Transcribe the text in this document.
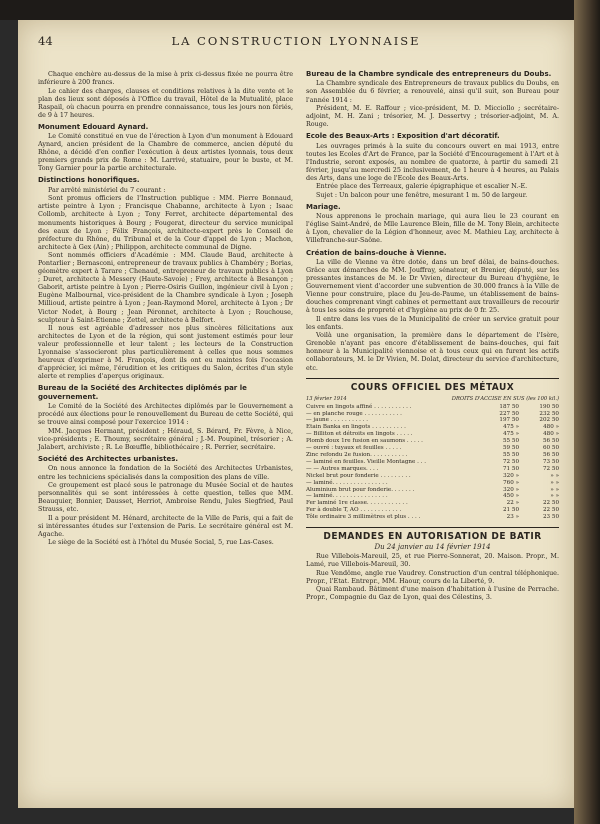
44	LA CONSTRUCTION LYONNAISE

Chaque enchère au-dessus de la mise à prix ci-dessus fixée ne pourra être inférieure à 200 francs.

Le cahier des charges, clauses et conditions relatives à la dite vente et le plan des lieux sont déposés à l'Office du travail, Hôtel de la Mutualité, place Raspail, où chacun pourra en prendre connaissance, tous les jours non fériés, de 9 à 17 heures.

Monument Edouard Aynard.

Le Comité constitué en vue de l'érection à Lyon d'un monument à Edouard Aynard, ancien président de la Chambre de commerce, ancien député du Rhône, a décidé d'en confier l'exécution à deux artistes lyonnais, tous deux premiers grands prix de Rome : M. Larrivé, statuaire, pour le buste, et M. Tony Garnier pour la partie architecturale.

Distinctions honorifiques.

Par arrêté ministériel du 7 courant :

Sont promus officiers de l'Instruction publique : MM. Pierre Bonnaud, artiste peintre à Lyon ; Francisque Chabanne, architecte à Lyon ; Isaac Collomb, architecte à Lyon ; Tony Ferret, architecte départemental des monuments historiques à Bourg ; Fougerat, directeur du service municipal des eaux de Lyon ; Félix François, architecte-expert près le Conseil de préfecture du Rhône, du Tribunal et de la Cour d'appel de Lyon ; Machon, architecte à Gex (Ain) ; Philippon, architecte communal de Digne.

Sont nommés officiers d'Académie : MM. Claude Baud, architecte à Pontarlier ; Bernasconi, entrepreneur de travaux publics à Chambéry ; Borias, géomètre expert à Tarare ; Chenaud, entrepreneur de travaux publics à Lyon ; Duret, architecte à Messery (Haute-Savoie) ; Frey, architecte à Besançon ; Gaborit, artiste peintre à Lyon ; Pierre-Osiris Guillon, ingénieur civil à Lyon ; Eugène Malbournal, vice-président de la Chambre syndicale à Lyon ; Joseph Millioud, artiste peintre à Lyon ; Jean-Raymond Morel, architecte à Lyon ; Dr Victor Nodet, à Bourg ; Jean Péronnet, architecte à Lyon ; Rouchouse, sculpteur à Saint-Etienne ; Zettel, architecte à Belfort.

Il nous est agréable d'adresser nos plus sincères félicitations aux architectes de Lyon et de la région, qui sont justement estimés pour leur valeur professionnelle et leur talent ; les lecteurs de la Construction Lyonnaise s'associeront plus particulièrement à celles que nous sommes heureux d'exprimer à M. François, dont ils ont eu maintes fois l'occasion d'apprécier, ici même, l'érudition et les critiques du Salon, écrites d'un style alerte et remplies d'aperçus originaux.

Bureau de la Société des Architectes diplômés par le gouvernement.

Le Comité de la Société des Architectes diplômés par le Gouvernement a procédé aux élections pour le renouvellement du Bureau de cette Société, qui se trouve ainsi composé pour l'exercice 1914 :

MM. Jacques Hermant, président ; Héraud, S. Bérard, Fr. Fèvre, à Nice, vice-présidents ; E. Thoumy, secrétaire général ; J.-M. Poupinel, trésorier ; A. Jalabert, archiviste ; R. Le Bœuffle, bibliothécaire ; R. Perrier, secrétaire.

Société des Architectes urbanistes.

On nous annonce la fondation de la Société des Architectes Urbanistes, entre les techniciens spécialisés dans la composition des plans de ville.

Ce groupement est placé sous le patronage du Musée Social et de hautes personnalités qui se sont intéressées à cette question, telles que MM. Beauquier, Bonnier, Dausset, Herriot, Ambroise Rendu, Jules Siegfried, Paul Strauss, etc.

Il a pour président M. Hénard, architecte de la Ville de Paris, qui a fait de si intéressantes études sur l'extension de Paris. Le secrétaire général est M. Agache.

Le siège de la Société est à l'hôtel du Musée Social, 5, rue Las-Cases.

Bureau de la Chambre syndicale des entrepreneurs du Doubs.

La Chambre syndicale des Entrepreneurs de travaux publics du Doubs, en son Assemblée du 6 février, a renouvelé, ainsi qu'il suit, son Bureau pour l'année 1914 :

Président, M. E. Raffour ; vice-président, M. D. Micciollo ; secrétaire-adjoint, M. H. Zani ; trésorier, M. J. Dessertvy ; trésorier-adjoint, M. A. Rouge.

Ecole des Beaux-Arts : Exposition d'art décoratif.

Les ouvrages primés à la suite du concours ouvert en mai 1913, entre toutes les Ecoles d'Art de France, par la Société d'Encouragement à l'Art et à l'Industrie, seront exposés, au nombre de quatorze, à partir du samedi 21 février, jusqu'au mercredi 25 inclusivement, de 1 heure à 4 heures, au Palais des Arts, dans une loge de l'Ecole des Beaux-Arts.

Entrée place des Terreaux, galerie épigraphique et escalier N.-E.

Sujet : Un balcon pour une fenêtre, mesurant 1 m. 50 de largeur.

Mariage.

Nous apprenons le prochain mariage, qui aura lieu le 23 courant en l'église Saint-André, de Mlle Laurence Blein, fille de M. Tony Blein, architecte à Lyon, chevalier de la Légion d'honneur, avec M. Mathieu Lay, architecte à Villefranche-sur-Saône.

Création de bains-douche à Vienne.

La ville de Vienne va être dotée, dans un bref délai, de bains-douches. Grâce aux démarches de MM. Jouffray, sénateur, et Brenier, député, sur les pressantes instances de M. le Dr Vivien, directeur du Bureau d'hygiène, le Gouvernement vient d'accorder une subvention de 30.000 francs à la Ville de Vienne pour construire, place du Jeu-de-Paume, un établissement de bains-douches comprenant vingt cabines et permettant aux travailleurs de recourir à tous les soins de propreté et d'hygiène au prix de 0 fr. 25.

Il entre dans les vues de la Municipalité de créer un service gratuit pour les enfants.

Voilà une organisation, la première dans le département de l'Isère, Grenoble n'ayant pas encore d'établissement de bains-douches, qui fait honneur à la Municipalité viennoise et à tous ceux qui en furent les actifs collaborateurs, M. le Dr Vivien, M. Dolat, directeur du service d'architecture, etc.

COURS OFFICIEL DES MÉTAUX
13 février 1914	DROITS D'ACCISE EN SUS (les 100 kil.)
Cuivre en lingots affiné . . . . . . . . . . .	187 50	190 50
— en planche rouge . . . . . . . . . . .	227 50	232 50
— jaune . . . . . . . . . . .	197 50	202 50
Etain Banka en lingots . . . . . . . . . .	475 »	480 »
— Billiton et détroits en lingots . . . . .	475 »	480 »
Plomb doux 1re fusion en saumons . . . . .	55 50	56 50
— ouvré : tuyaux et feuilles . . . . .	59 50	60 50
Zinc refondu 2e fusion. . . . . . . . . . .	55 50	56 50
— laminé en feuilles. Vieille Montagne . . .	72 50	73 50
— — Autres marques. . . .	71 50	72 50
Nickel brut pour fonderie . . . . . . . . .	320 »	» »
— laminé. . . . . . . . . . . . . . . .	760 »	» »
Aluminium brut pour fonderie. . . . . . .	320 »	» »
— laminé. . . . . . . . . . . . . . . .	450 »	» »
Fer laminé 1re classe. . . . . . . . . . . .	22 »	22 50
Fer à double T, AO . . . . . . . . . . . .	21 50	22 50
Tôle ordinaire 3 millimètres et plus . . . .	23 »	23 50
DEMANDES EN AUTORISATION DE BATIR
Du 24 janvier au 14 février 1914

Rue Villebois-Mareuil, 25, et rue Pierre-Sonnerat, 20. Maison. Propr., M. Lamé, rue Villebois-Mareuil, 30.

Rue Vendôme, angle rue Vaudrey. Construction d'un central téléphonique. Propr., l'Etat. Entrepr., MM. Haour, cours de la Liberté, 9.

Quai Rambaud. Bâtiment d'une maison d'habitation à l'usine de Perrache. Propr., Compagnie du Gaz de Lyon, quai des Célestins, 3.
